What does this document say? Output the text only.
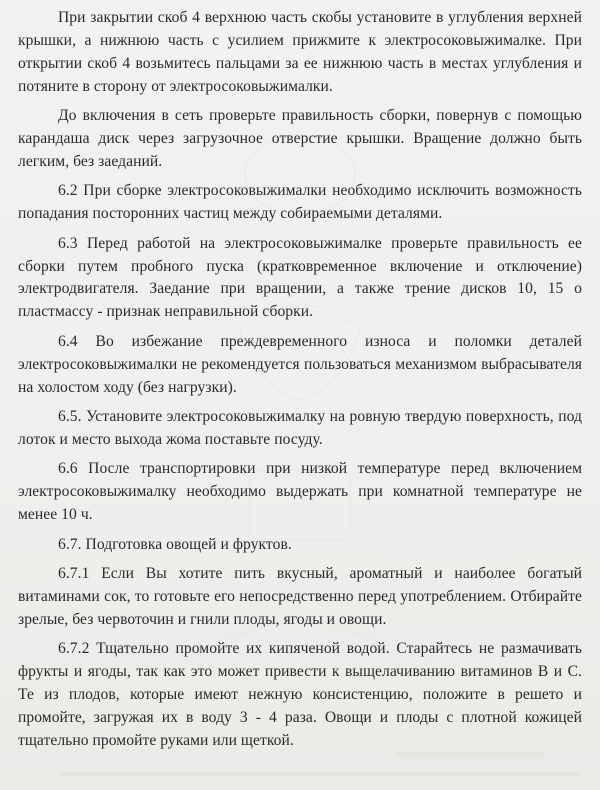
При закрытии скоб 4 верхнюю часть скобы установите в углубления верхней крышки, а нижнюю часть с усилием прижмите к электросоковыжималке. При открытии скоб 4 возьмитесь пальцами за ее нижнюю часть в местах углубления и потяните в сторону от электросоковыжималки.

До включения в сеть проверьте правильность сборки, повернув с помощью карандаша диск через загрузочное отверстие крышки. Вращение должно быть легким, без заеданий.

6.2 При сборке электросоковыжималки необходимо исключить возможность попадания посторонних частиц между собираемыми деталями.

6.3 Перед работой на электросоковыжималке проверьте правильность ее сборки путем пробного пуска (кратковременное включение и отключение) электродвигателя. Заедание при вращении, а также трение дисков 10, 15 о пластмассу - признак неправильной сборки.

6.4 Во избежание преждевременного износа и поломки деталей электросоковыжималки не рекомендуется пользоваться механизмом выбрасывателя на холостом ходу (без нагрузки).

6.5. Установите электросоковыжималку на ровную твердую поверхность, под лоток и место выхода жома поставьте посуду.

6.6 После транспортировки при низкой температуре перед включением электросоковыжималку необходимо выдержать при комнатной температуре не менее 10 ч.

6.7. Подготовка овощей и фруктов.

6.7.1 Если Вы хотите пить вкусный, ароматный и наиболее богатый витаминами сок, то готовьте его непосредственно перед употреблением. Отбирайте зрелые, без червоточин и гнили плоды, ягоды и овощи.

6.7.2 Тщательно промойте их кипяченой водой. Старайтесь не размачивать фрукты и ягоды, так как это может привести к выщелачиванию витаминов В и С. Те из плодов, которые имеют нежную консистенцию, положите в решето и промойте, загружая их в воду 3 - 4 раза. Овощи и плоды с плотной кожицей тщательно промойте руками или щеткой.
